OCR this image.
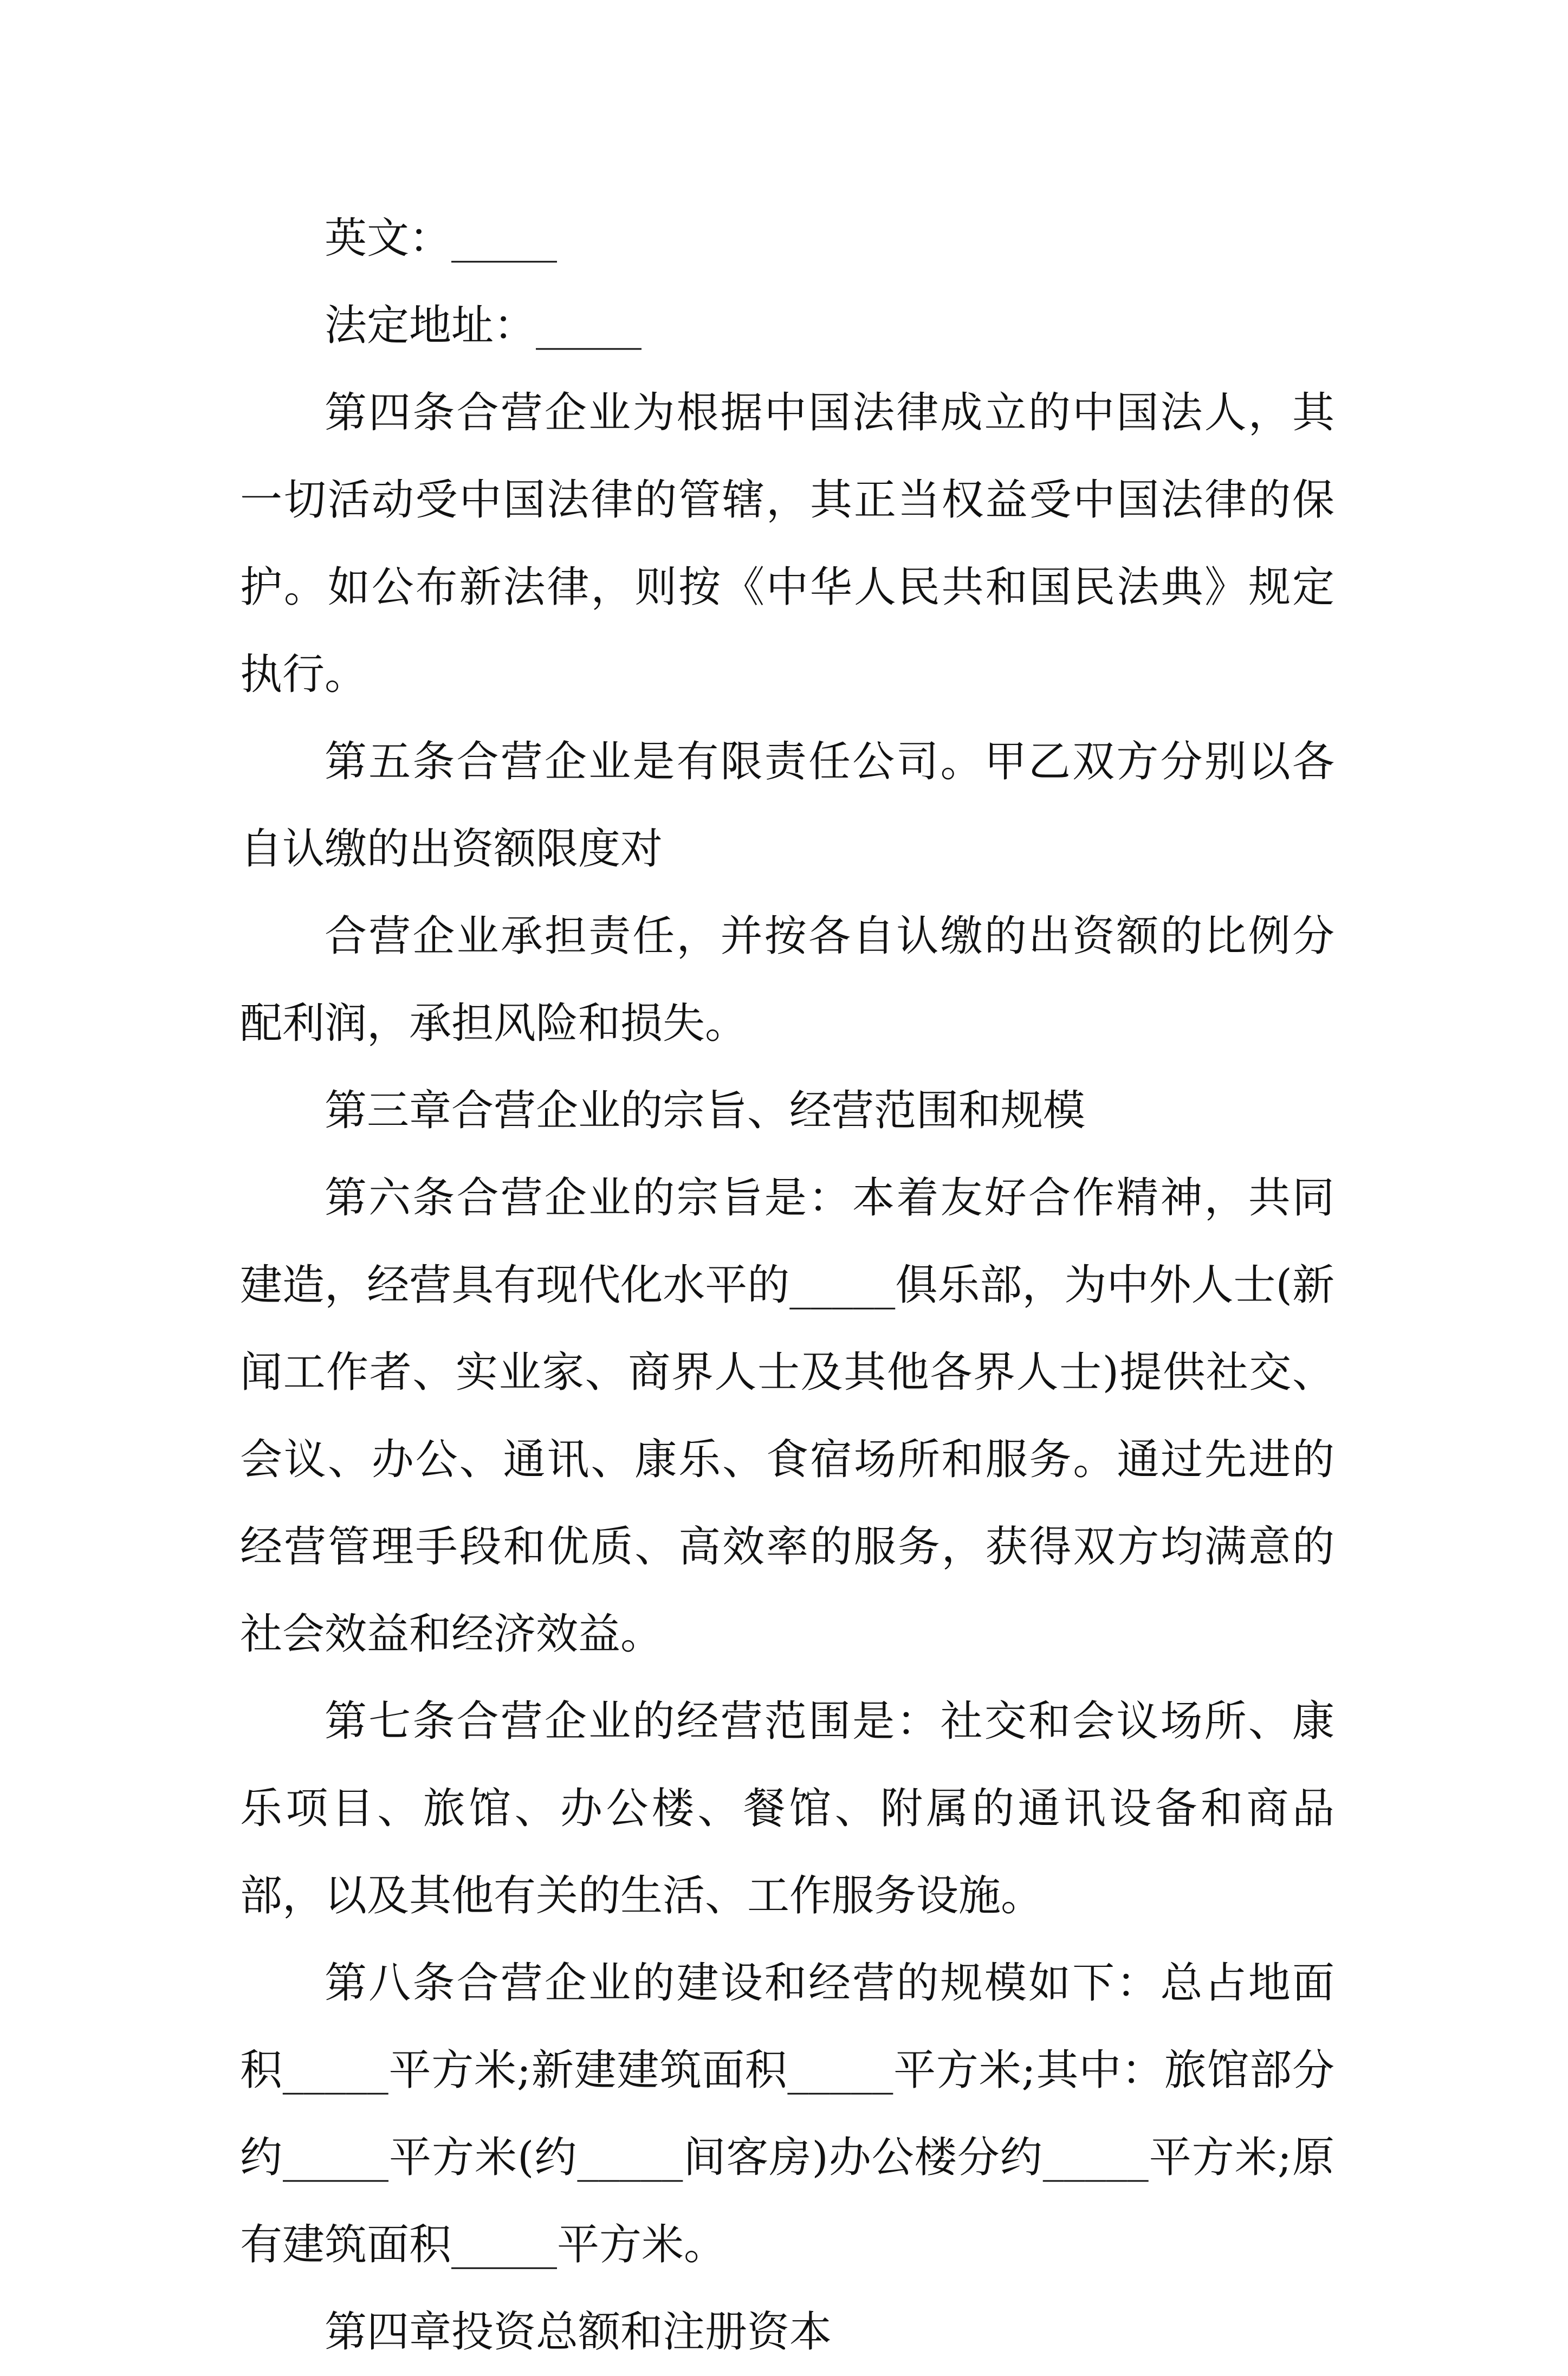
英文：_____

法定地址：_____

第四条合营企业为根据中国法律成立的中国法人，其一切活动受中国法律的管辖，其正当权益受中国法律的保护。如公布新法律，则按《中华人民共和国民法典》规定执行。

第五条合营企业是有限责任公司。甲乙双方分别以各自认缴的出资额限度对

合营企业承担责任，并按各自认缴的出资额的比例分配利润，承担风险和损失。

第三章合营企业的宗旨、经营范围和规模

第六条合营企业的宗旨是：本着友好合作精神，共同建造，经营具有现代化水平的_____俱乐部，为中外人士(新闻工作者、实业家、商界人士及其他各界人士)提供社交、会议、办公、通讯、康乐、食宿场所和服务。通过先进的经营管理手段和优质、高效率的服务，获得双方均满意的社会效益和经济效益。

第七条合营企业的经营范围是：社交和会议场所、康乐项目、旅馆、办公楼、餐馆、附属的通讯设备和商品部，以及其他有关的生活、工作服务设施。

第八条合营企业的建设和经营的规模如下：总占地面积_____平方米;新建建筑面积_____平方米;其中：旅馆部分约_____平方米(约_____间客房)办公楼分约_____平方米;原有建筑面积_____平方米。

第四章投资总额和注册资本
